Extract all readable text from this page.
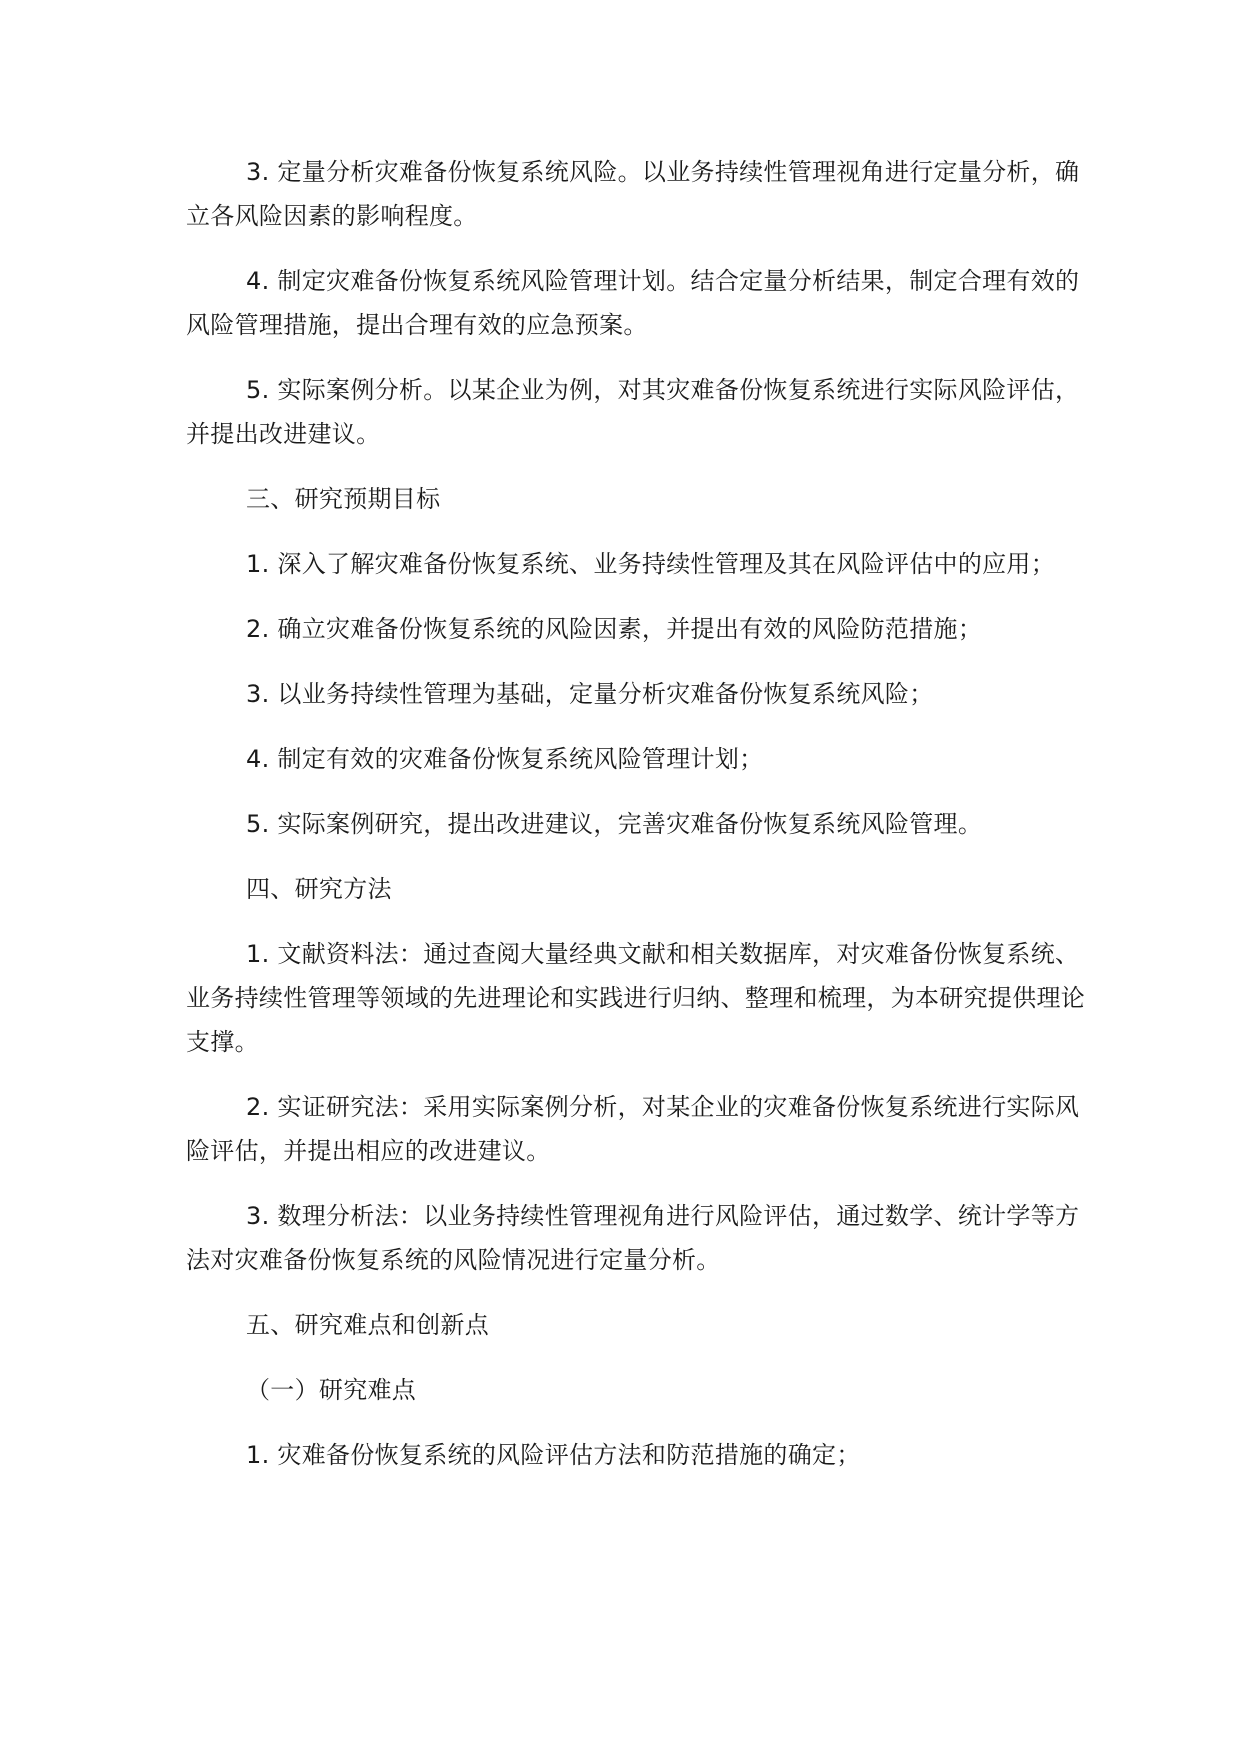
3. 定量分析灾难备份恢复系统风险。以业务持续性管理视角进行定量分析，确立各风险因素的影响程度。

4. 制定灾难备份恢复系统风险管理计划。结合定量分析结果，制定合理有效的风险管理措施，提出合理有效的应急预案。

5. 实际案例分析。以某企业为例，对其灾难备份恢复系统进行实际风险评估，并提出改进建议。

三、研究预期目标

1. 深入了解灾难备份恢复系统、业务持续性管理及其在风险评估中的应用；

2. 确立灾难备份恢复系统的风险因素，并提出有效的风险防范措施；

3. 以业务持续性管理为基础，定量分析灾难备份恢复系统风险；

4. 制定有效的灾难备份恢复系统风险管理计划；

5. 实际案例研究，提出改进建议，完善灾难备份恢复系统风险管理。

四、研究方法

1. 文献资料法：通过查阅大量经典文献和相关数据库，对灾难备份恢复系统、业务持续性管理等领域的先进理论和实践进行归纳、整理和梳理，为本研究提供理论支撑。

2. 实证研究法：采用实际案例分析，对某企业的灾难备份恢复系统进行实际风险评估，并提出相应的改进建议。

3. 数理分析法：以业务持续性管理视角进行风险评估，通过数学、统计学等方法对灾难备份恢复系统的风险情况进行定量分析。

五、研究难点和创新点

（一）研究难点

1. 灾难备份恢复系统的风险评估方法和防范措施的确定；
